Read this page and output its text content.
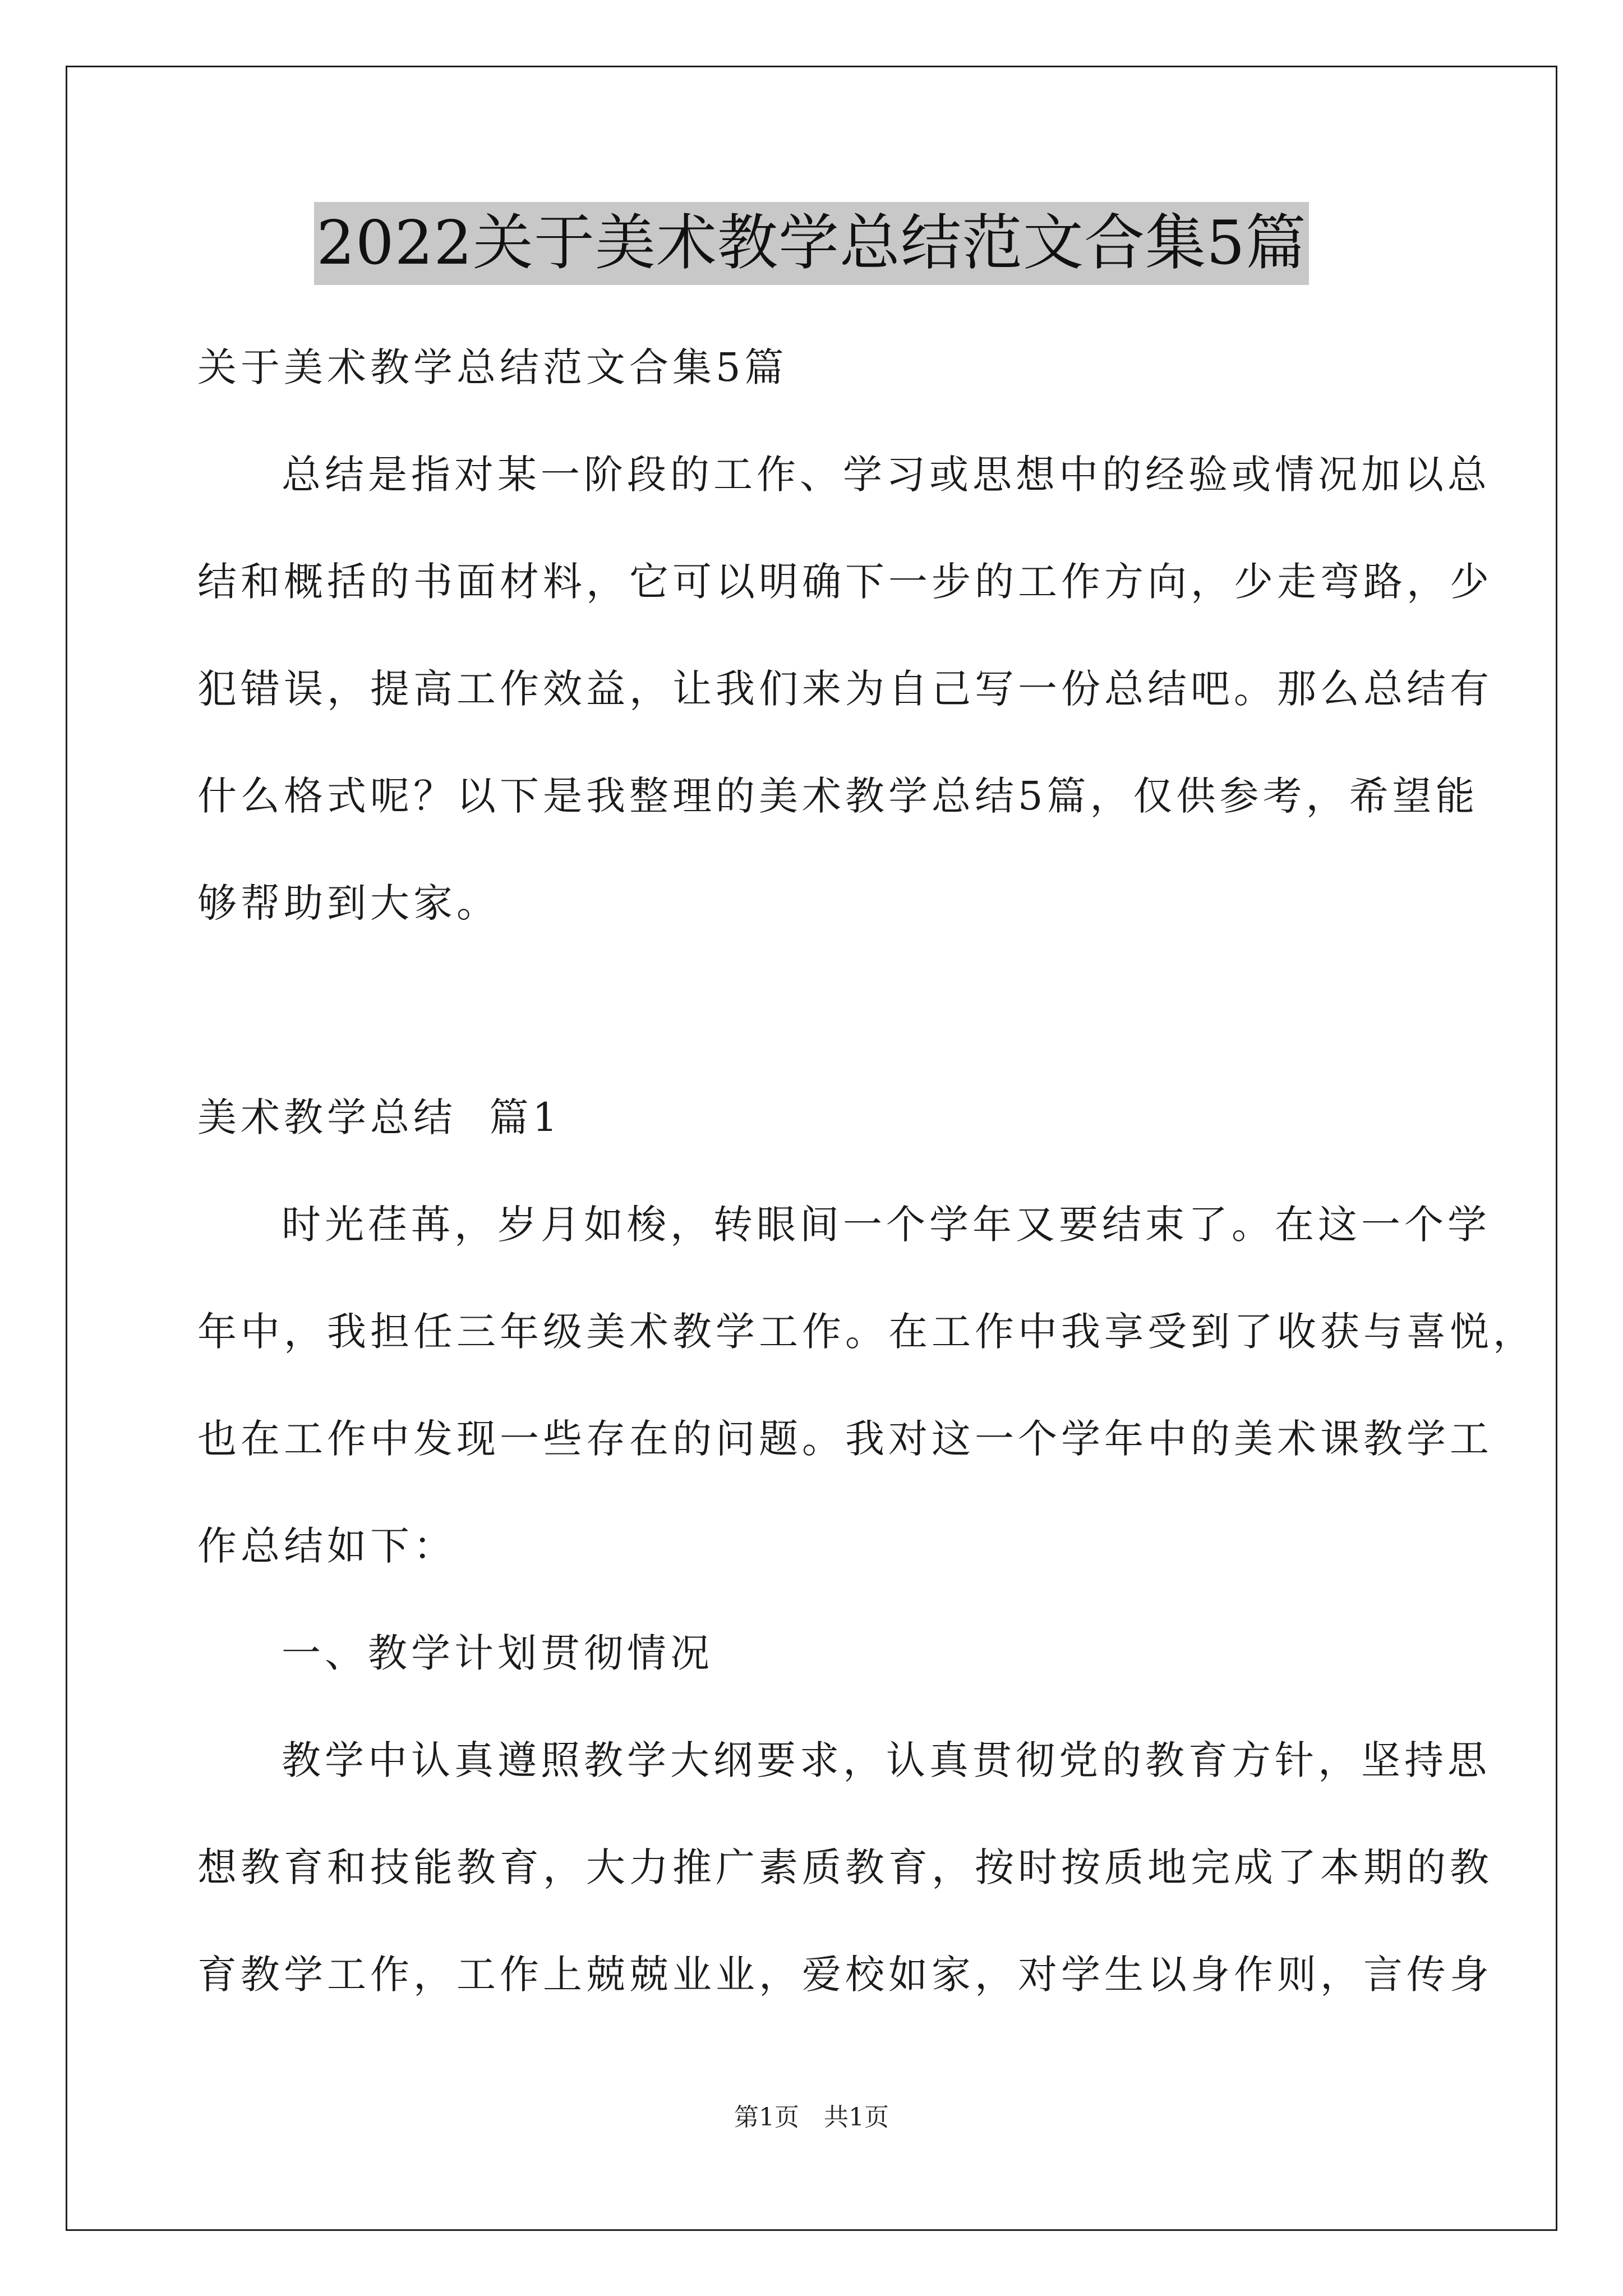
2022关于美术教学总结范文合集5篇
关于美术教学总结范文合集5篇
总结是指对某一阶段的工作、学习或思想中的经验或情况加以总
结和概括的书面材料，它可以明确下一步的工作方向，少走弯路，少
犯错误，提高工作效益，让我们来为自己写一份总结吧。那么总结有
什么格式呢？以下是我整理的美术教学总结5篇，仅供参考，希望能
够帮助到大家。
美术教学总结  篇1
时光荏苒，岁月如梭，转眼间一个学年又要结束了。在这一个学
年中，我担任三年级美术教学工作。在工作中我享受到了收获与喜悦，
也在工作中发现一些存在的问题。我对这一个学年中的美术课教学工
作总结如下：
一、教学计划贯彻情况
教学中认真遵照教学大纲要求，认真贯彻党的教育方针，坚持思
想教育和技能教育，大力推广素质教育，按时按质地完成了本期的教
育教学工作，工作上兢兢业业，爱校如家，对学生以身作则，言传身
第1页 共1页
